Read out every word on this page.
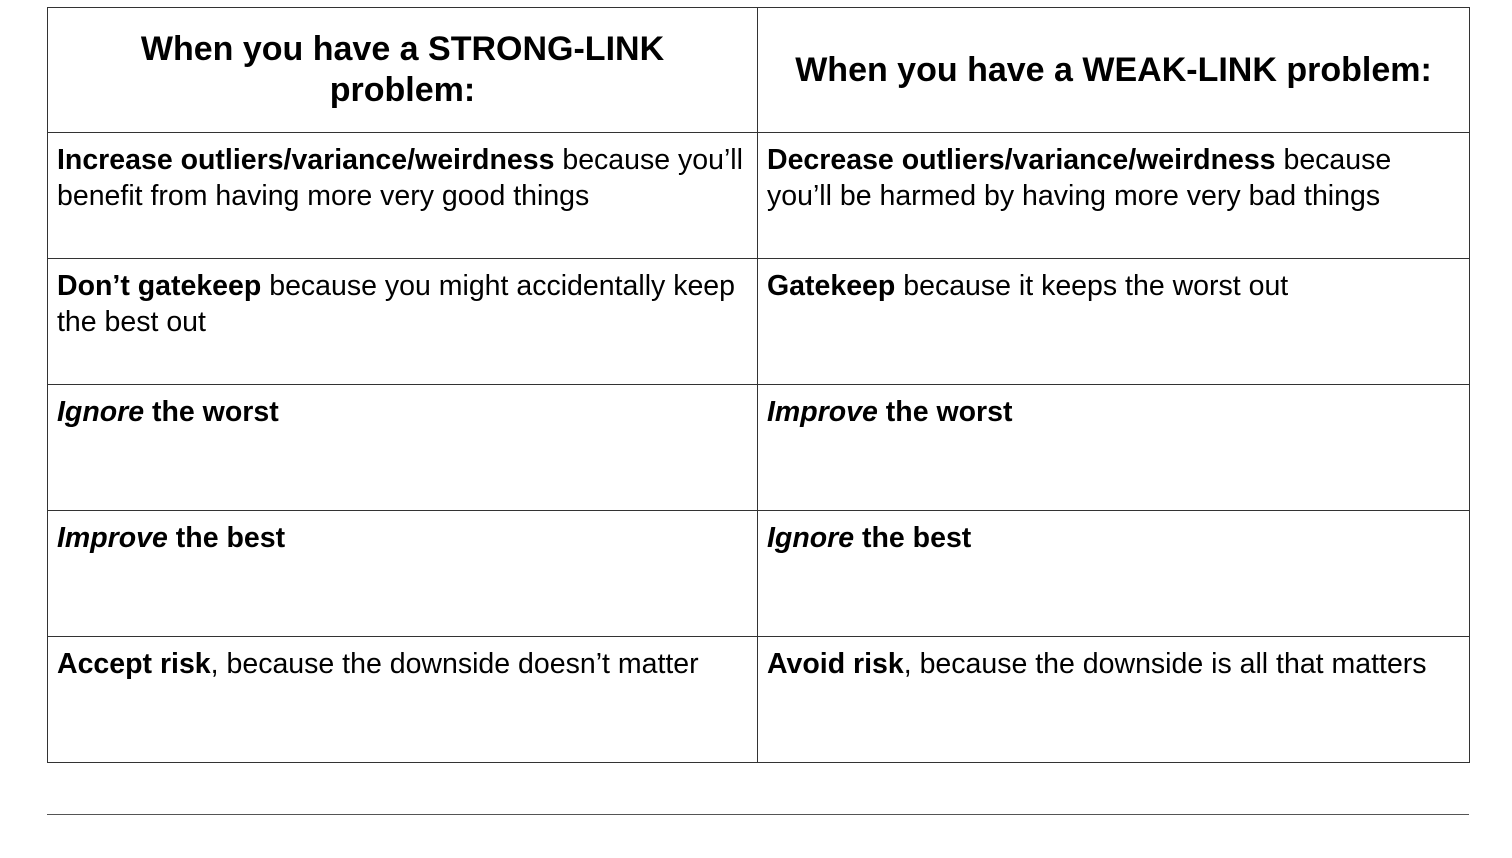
When you have a STRONG-LINK problem:	When you have a WEAK-LINK problem:
Increase outliers/variance/weirdness because you’ll benefit from having more very good things	Decrease outliers/variance/weirdness because you’ll be harmed by having more very bad things
Don’t gatekeep because you might accidentally keep the best out	Gatekeep because it keeps the worst out
Ignore the worst	Improve the worst
Improve the best	Ignore the best
Accept risk, because the downside doesn’t matter	Avoid risk, because the downside is all that matters
